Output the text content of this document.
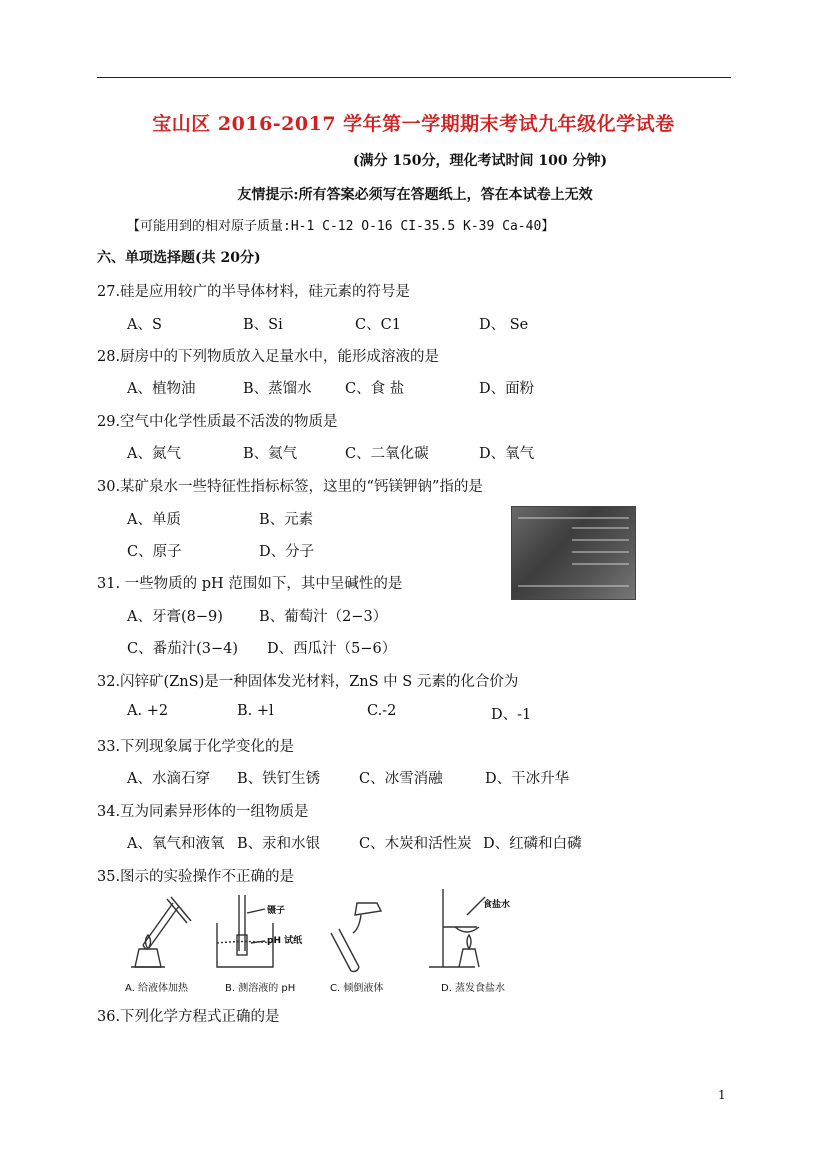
宝山区 2016-2017 学年第一学期期末考试九年级化学试卷
(满分 150分，理化考试时间 100 分钟)
友情提示:所有答案必须写在答题纸上，答在本试卷上无效
【可能用到的相对原子质量:H-1 C-12 O-16 CI-35.5 K-39 Ca-40】
六、单项选择题(共 20分)
27.硅是应用较广的半导体材料，硅元素的符号是
A、S	B、Si	C、C1	D、 Se
28.厨房中的下列物质放入足量水中，能形成溶液的是
A、植物油	B、蒸馏水 C、食 盐	D、面粉
29.空气中化学性质最不活泼的物质是
A、氮气	B、氦气	C、二氧化碳	D、氧气
30.某矿泉水一些特征性指标标签，这里的“钙镁钾钠”指的是
A、单质	B、元素
C、原子	D、分子
31. 一些物质的 pH 范围如下，其中呈碱性的是
A、牙膏(8−9) B、葡萄汁（2−3）
C、番茄汁(3−4) D、西瓜汁（5−6）
32.闪锌矿(ZnS)是一种固体发光材料，ZnS 中 S 元素的化合价为
A. +2	B. +l	C.-2	D、-1
33.下列现象属于化学变化的是
A、水滴石穿 B、铁钉生锈	C、冰雪消融	D、干冰升华
34.互为同素异形体的一组物质是
A、氧气和液氧 B、汞和水银	C、木炭和活性炭 D、红磷和白磷
35.图示的实验操作不正确的是
镊子
pH 试纸
食盐水
A. 给液体加热	B. 测溶液的 pH	C. 倾倒液体	D. 蒸发食盐水
36.下列化学方程式正确的是
1
